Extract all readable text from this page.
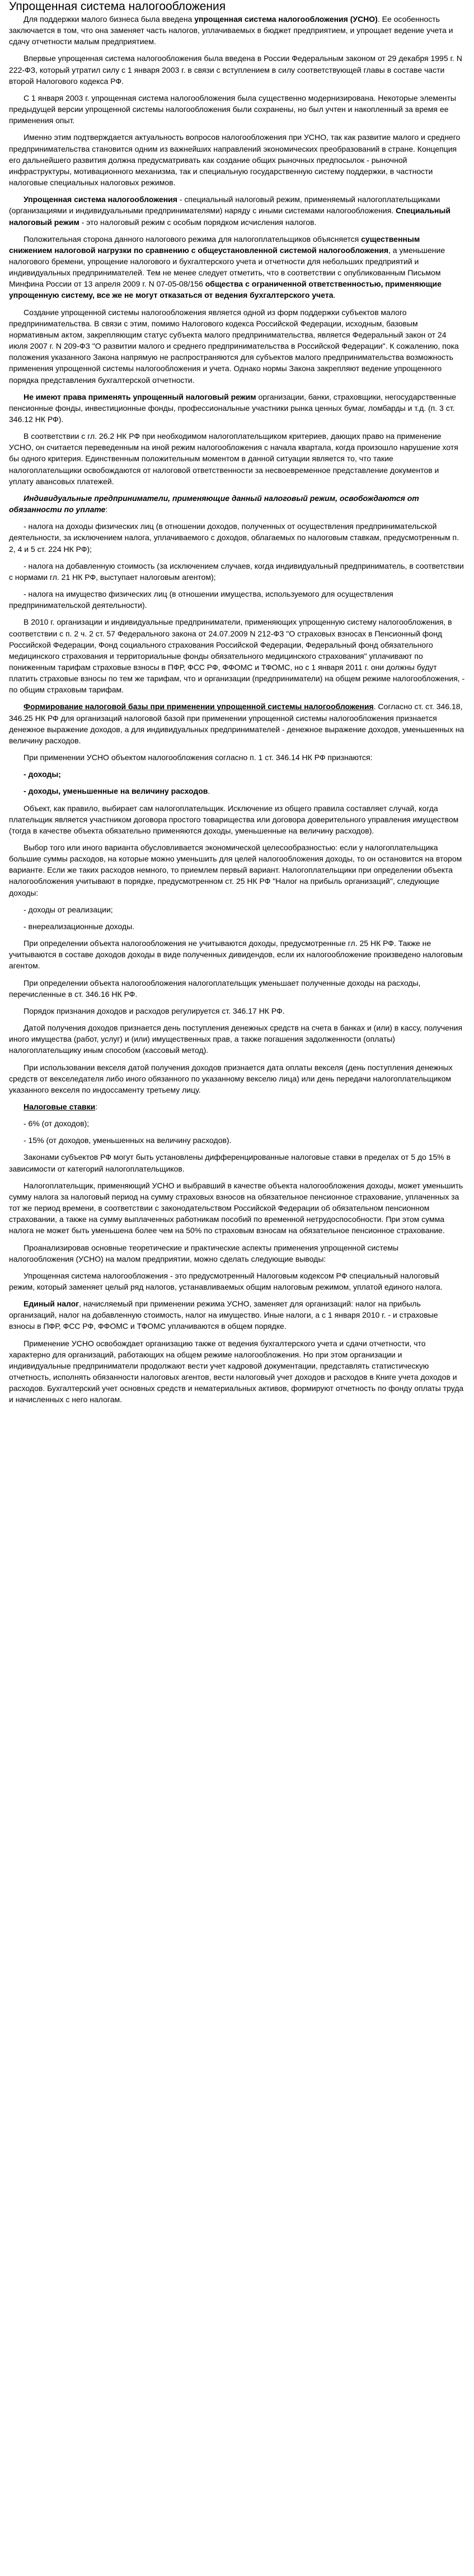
Упрощенная система налогообложения

Для поддержки малого бизнеса была введена упрощенная система налогообложения (УСНО). Ее особенность заключается в том, что она заменяет часть налогов, уплачиваемых в бюджет предприятием, и упрощает ведение учета и сдачу отчетности малым предприятием.

Впервые упрощенная система налогообложения была введена в России Федеральным законом от 29 декабря 1995 г. N 222-ФЗ, который утратил силу с 1 января 2003 г. в связи с вступлением в силу соответствующей главы в составе части второй Налогового кодекса РФ.

С 1 января 2003 г. упрощенная система налогообложения была существенно модернизирована. Некоторые элементы предыдущей версии упрощенной системы налогообложения были сохранены, но был учтен и накопленный за время ее применения опыт.

Именно этим подтверждается актуальность вопросов налогообложения при УСНО, так как развитие малого и среднего предпринимательства становится одним из важнейших направлений экономических преобразований в стране. Концепция его дальнейшего развития должна предусматривать как создание общих рыночных предпосылок - рыночной инфраструктуры, мотивационного механизма, так и специальную государственную систему поддержки, в частности налоговые специальных налоговых режимов.

Упрощенная система налогообложения - специальный налоговый режим, применяемый налогоплательщиками (организациями и индивидуальными предпринимателями) наряду с иными системами налогообложения. Специальный налоговый режим - это налоговый режим с особым порядком исчисления налогов.

Положительная сторона данного налогового режима для налогоплательщиков объясняется существенным снижением налоговой нагрузки по сравнению с общеустановленной системой налогообложения, а уменьшение налогового бремени, упрощение налогового и бухгалтерского учета и отчетности для небольших предприятий и индивидуальных предпринимателей. Тем не менее следует отметить, что в соответствии с опубликованным Письмом Минфина России от 13 апреля 2009 г. N 07-05-08/156 общества с ограниченной ответственностью, применяющие упрощенную систему, все же не могут отказаться от ведения бухгалтерского учета.

Создание упрощенной системы налогообложения является одной из форм поддержки субъектов малого предпринимательства. В связи с этим, помимо Налогового кодекса Российской Федерации, исходным, базовым нормативным актом, закрепляющим статус субъекта малого предпринимательства, является Федеральный закон от 24 июля 2007 г. N 209-ФЗ "О развитии малого и среднего предпринимательства в Российской Федерации". К сожалению, пока положения указанного Закона напрямую не распространяются для субъектов малого предпринимательства возможность применения упрощенной системы налогообложения и учета. Однако нормы Закона закрепляют ведение упрощенного порядка представления бухгалтерской отчетности.

Не имеют права применять упрощенный налоговый режим организации, банки, страховщики, негосударственные пенсионные фонды, инвестиционные фонды, профессиональные участники рынка ценных бумаг, ломбарды и т.д. (п. 3 ст. 346.12 НК РФ).

В соответствии с гл. 26.2 НК РФ при необходимом налогоплательщиком критериев, дающих право на применение УСНО, он считается переведенным на иной режим налогообложения с начала квартала, когда произошло нарушение хотя бы одного критерия. Единственным положительным моментом в данной ситуации является то, что такие налогоплательщики освобождаются от налоговой ответственности за несвоевременное представление документов и уплату авансовых платежей.

Индивидуальные предприниматели, применяющие данный налоговый режим, освобождаются от обязанности по уплате:

- налога на доходы физических лиц (в отношении доходов, полученных от осуществления предпринимательской деятельности, за исключением налога, уплачиваемого с доходов, облагаемых по налоговым ставкам, предусмотренным п. 2, 4 и 5 ст. 224 НК РФ);

- налога на добавленную стоимость (за исключением случаев, когда индивидуальный предприниматель, в соответствии с нормами гл. 21 НК РФ, выступает налоговым агентом);

- налога на имущество физических лиц (в отношении имущества, используемого для осуществления предпринимательской деятельности).

В 2010 г. организации и индивидуальные предприниматели, применяющих упрощенную систему налогообложения, в соответствии с п. 2 ч. 2 ст. 57 Федерального закона от 24.07.2009 N 212-ФЗ "О страховых взносах в Пенсионный фонд Российской Федерации, Фонд социального страхования Российской Федерации, Федеральный фонд обязательного медицинского страхования и территориальные фонды обязательного медицинского страхования" уплачивают по пониженным тарифам страховые взносы в ПФР, ФСС РФ, ФФОМС и ТФОМС, но с 1 января 2011 г. они должны будут платить страховые взносы по тем же тарифам, что и организации (предприниматели) на общем режиме налогообложения, - по общим страховым тарифам.

Формирование налоговой базы при применении упрощенной системы налогообложения. Согласно ст. ст. 346.18, 346.25 НК РФ для организаций налоговой базой при применении упрощенной системы налогообложения признается денежное выражение доходов, а для индивидуальных предпринимателей - денежное выражение доходов, уменьшенных на величину расходов.

При применении УСНО объектом налогообложения согласно п. 1 ст. 346.14 НК РФ признаются:

- доходы;

- доходы, уменьшенные на величину расходов.

Объект, как правило, выбирает сам налогоплательщик. Исключение из общего правила составляет случай, когда плательщик является участником договора простого товарищества или договора доверительного управления имуществом (тогда в качестве объекта обязательно применяются доходы, уменьшенные на величину расходов).

Выбор того или иного варианта обусловливается экономической целесообразностью: если у налогоплательщика большие суммы расходов, на которые можно уменьшить для целей налогообложения доходы, то он остановится на втором варианте. Если же таких расходов немного, то приемлем первый вариант. Налогоплательщики при определении объекта налогообложения учитывают в порядке, предусмотренном ст. 25 НК РФ "Налог на прибыль организаций", следующие доходы:

- доходы от реализации;

- внереализационные доходы.

При определении объекта налогообложения не учитываются доходы, предусмотренные гл. 25 НК РФ. Также не учитываются в составе доходов доходы в виде полученных дивидендов, если их налогообложение произведено налоговым агентом.

При определении объекта налогообложения налогоплательщик уменьшает полученные доходы на расходы, перечисленные в ст. 346.16 НК РФ.

Порядок признания доходов и расходов регулируется ст. 346.17 НК РФ.

Датой получения доходов признается день поступления денежных средств на счета в банках и (или) в кассу, получения иного имущества (работ, услуг) и (или) имущественных прав, а также погашения задолженности (оплаты) налогоплательщику иным способом (кассовый метод).

При использовании векселя датой получения доходов признается дата оплаты векселя (день поступления денежных средств от векселедателя либо иного обязанного по указанному векселю лица) или день передачи налогоплательщиком указанного векселя по индоссаменту третьему лицу.

Налоговые ставки:

- 6% (от доходов);

- 15% (от доходов, уменьшенных на величину расходов).

Законами субъектов РФ могут быть установлены дифференцированные налоговые ставки в пределах от 5 до 15% в зависимости от категорий налогоплательщиков.

Налогоплательщик, применяющий УСНО и выбравший в качестве объекта налогообложения доходы, может уменьшить сумму налога за налоговый период на сумму страховых взносов на обязательное пенсионное страхование, уплаченных за тот же период времени, в соответствии с законодательством Российской Федерации об обязательном пенсионном страховании, а также на сумму выплаченных работникам пособий по временной нетрудоспособности. При этом сумма налога не может быть уменьшена более чем на 50% по страховым взносам на обязательное пенсионное страхование.

Проанализировав основные теоретические и практические аспекты применения упрощенной системы налогообложения (УСНО) на малом предприятии, можно сделать следующие выводы:

Упрощенная система налогообложения - это предусмотренный Налоговым кодексом РФ специальный налоговый режим, который заменяет целый ряд налогов, устанавливаемых общим налоговым режимом, уплатой единого налога.

Единый налог, начисляемый при применении режима УСНО, заменяет для организаций: налог на прибыль организаций, налог на добавленную стоимость, налог на имущество. Иные налоги, а с 1 января 2010 г. - и страховые взносы в ПФР, ФСС РФ, ФФОМС и ТФОМС уплачиваются в общем порядке.

Применение УСНО освобождает организацию также от ведения бухгалтерского учета и сдачи отчетности, что характерно для организаций, работающих на общем режиме налогообложения. Но при этом организации и индивидуальные предприниматели продолжают вести учет кадровой документации, представлять статистическую отчетность, исполнять обязанности налоговых агентов, вести налоговый учет доходов и расходов в Книге учета доходов и расходов. Бухгалтерский учет основных средств и нематериальных активов, формируют отчетность по фонду оплаты труда и начисленных с него налогам.
